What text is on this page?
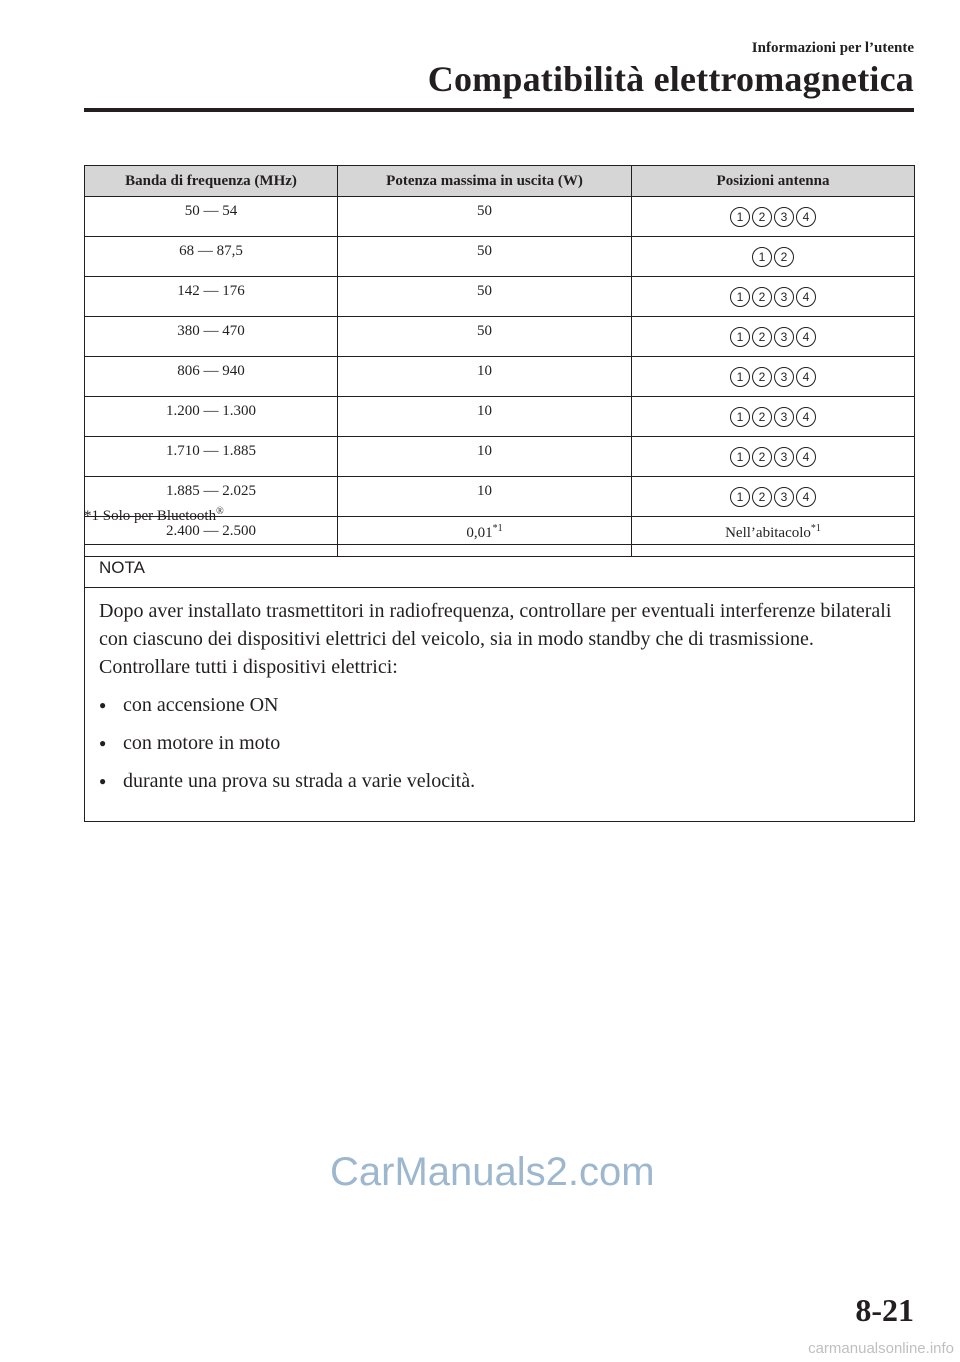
Informazioni per l’utente
Compatibilità elettromagnetica
Banda di frequenza (MHz)	Potenza massima in uscita (W)	Posizioni antenna
50 — 54	50	1 2 3 4

68 — 87,5	50	1 2

142 — 176	50	1 2 3 4

380 — 470	50	1 2 3 4

806 — 940	10	1 2 3 4

1.200 — 1.300	10	1 2 3 4

1.710 — 1.885	10	1 2 3 4

1.885 — 2.025	10	1 2 3 4

2.400 — 2.500	0,01$^{*1}$	Nell’abitacolo$^{*1}$
*1 Solo per Bluetooth®
NOTA

Dopo aver installato trasmettitori in radiofrequenza, controllare per eventuali interferenze bilaterali con ciascuno dei dispositivi elettrici del veicolo, sia in modo standby che di trasmissione.

Controllare tutti i dispositivi elettrici:

● con accensione ON
● con motore in moto
● durante una prova su strada a varie velocità.
CarManuals2.com
8-21
carmanualsonline.info
